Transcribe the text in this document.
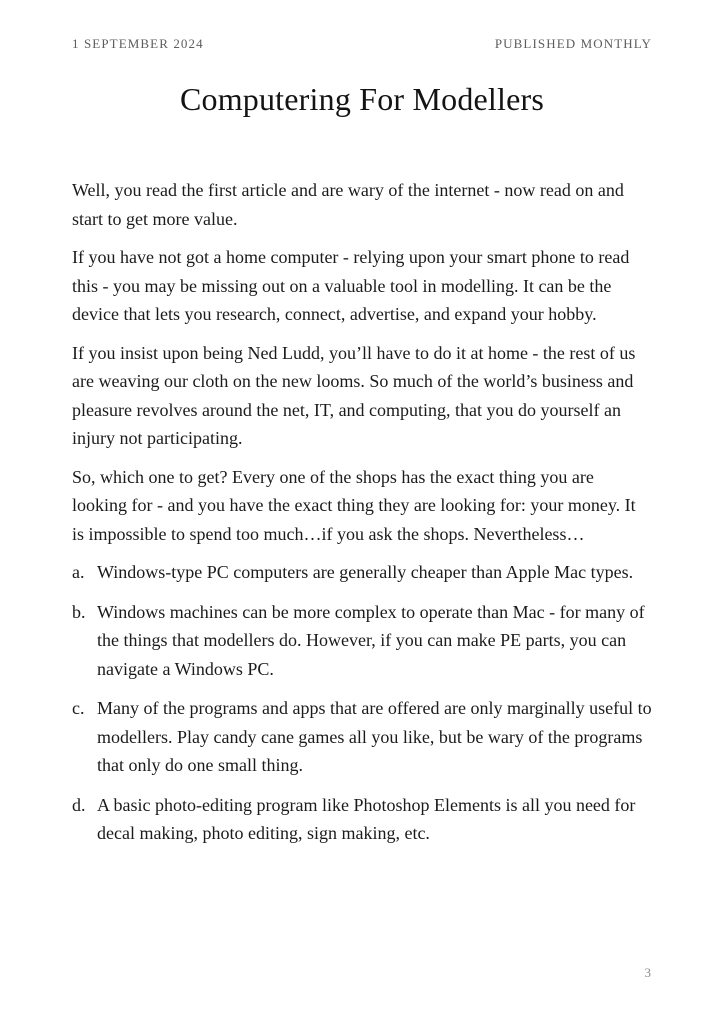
1 SEPTEMBER 2024	PUBLISHED MONTHLY
Computering For Modellers

Well, you read the first article and are wary of the internet - now read on and start to get more value.

If you have not got a home computer - relying upon your smart phone to read this - you may be missing out on a valuable tool in modelling. It can be the device that lets you research, connect, advertise, and expand your hobby.

If you insist upon being Ned Ludd, you’ll have to do it at home - the rest of us are weaving our cloth on the new looms. So much of the world’s business and pleasure revolves around the net, IT, and computing, that you do yourself an injury not participating.

So, which one to get? Every one of the shops has the exact thing you are looking for - and you have the exact thing they are looking for: your money. It is impossible to spend too much…if you ask the shops. Nevertheless…

a. Windows-type PC computers are generally cheaper than Apple Mac types.
b. Windows machines can be more complex to operate than Mac - for many of the things that modellers do. However, if you can make PE parts, you can navigate a Windows PC.
c. Many of the programs and apps that are offered are only marginally useful to modellers. Play candy cane games all you like, but be wary of the programs that only do one small thing.
d. A basic photo-editing program like Photoshop Elements is all you need for decal making, photo editing, sign making, etc.
3
